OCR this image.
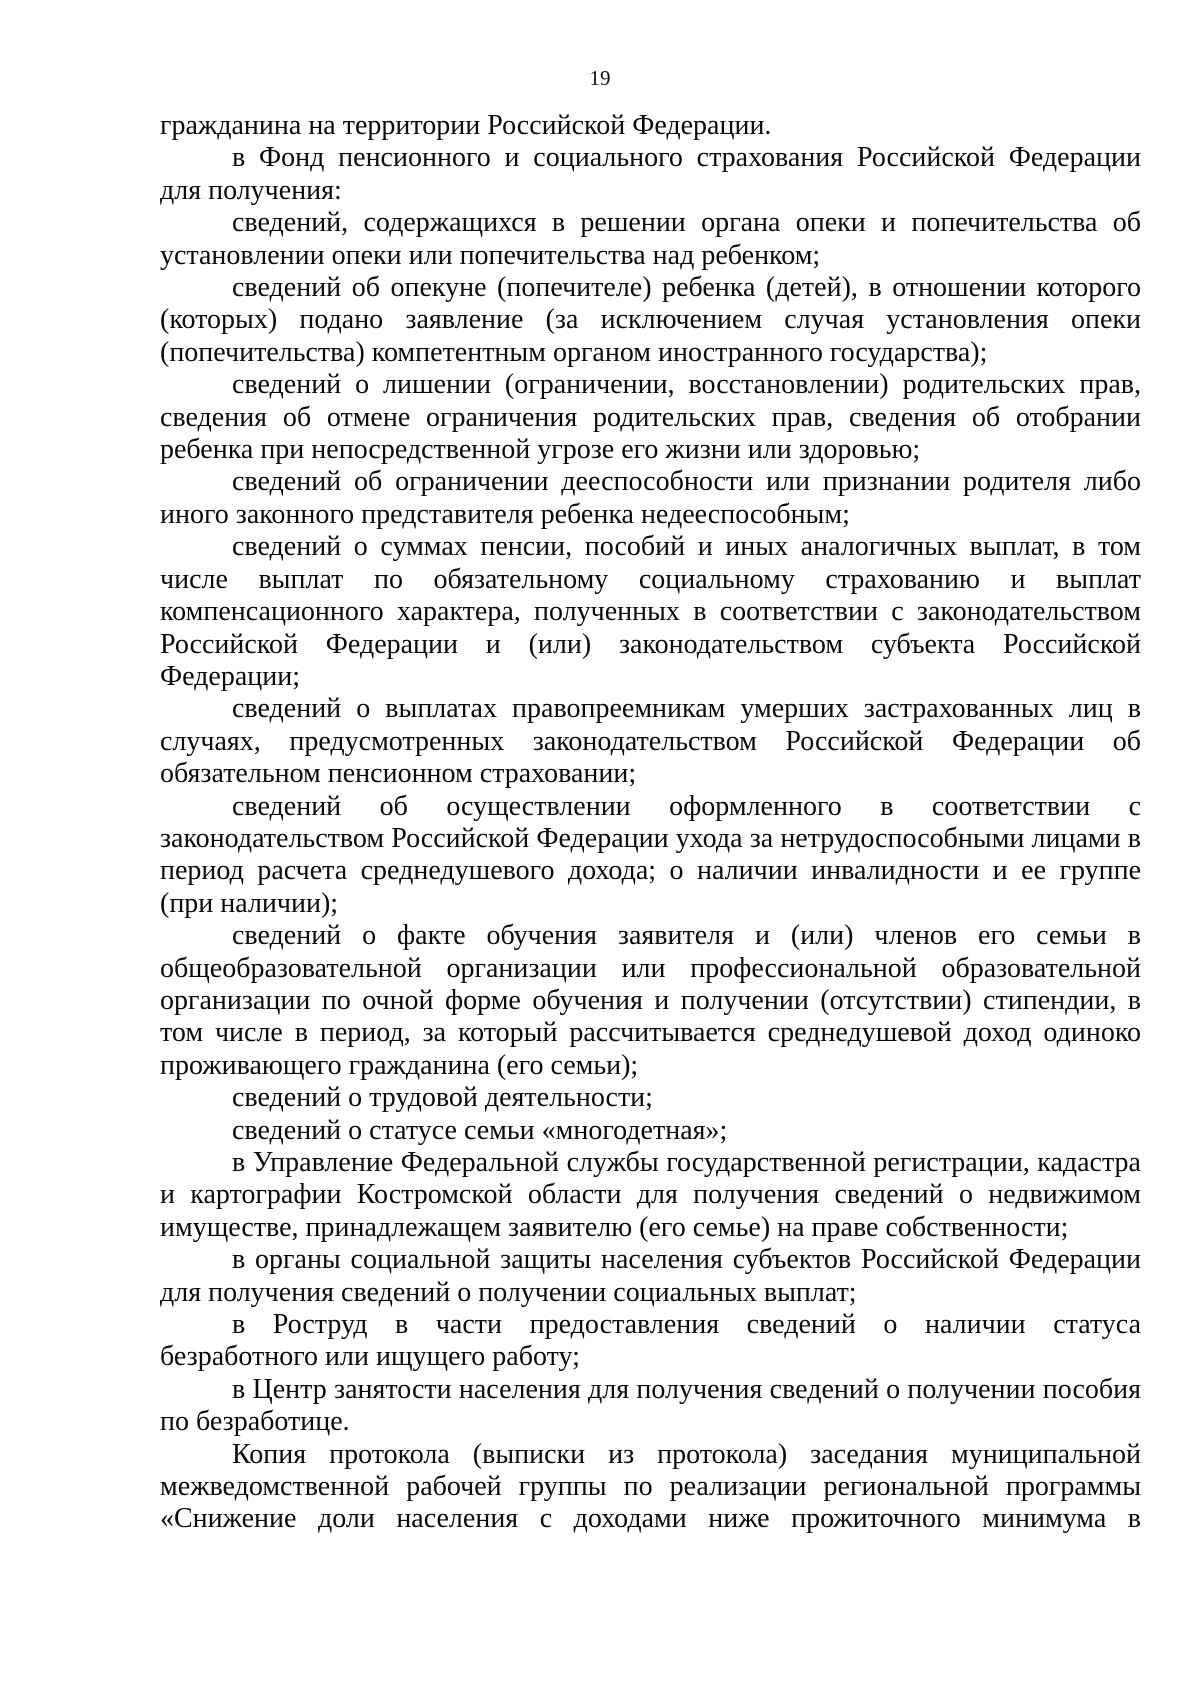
19

гражданина на территории Российской Федерации.

в Фонд пенсионного и социального страхования Российской Федерации для получения:

сведений, содержащихся в решении органа опеки и попечительства об установлении опеки или попечительства над ребенком;

сведений об опекуне (попечителе) ребенка (детей), в отношении которого (которых) подано заявление (за исключением случая установления опеки (попечительства) компетентным органом иностранного государства);

сведений о лишении (ограничении, восстановлении) родительских прав, сведения об отмене ограничения родительских прав, сведения об отобрании ребенка при непосредственной угрозе его жизни или здоровью;

сведений об ограничении дееспособности или признании родителя либо иного законного представителя ребенка недееспособным;

сведений о суммах пенсии, пособий и иных аналогичных выплат, в том числе выплат по обязательному социальному страхованию и выплат компенсационного характера, полученных в соответствии с законодательством Российской Федерации и (или) законодательством субъекта Российской Федерации;

сведений о выплатах правопреемникам умерших застрахованных лиц в случаях, предусмотренных законодательством Российской Федерации об обязательном пенсионном страховании;

сведений об осуществлении оформленного в соответствии с законодательством Российской Федерации ухода за нетрудоспособными лицами в период расчета среднедушевого дохода; о наличии инвалидности и ее группе (при наличии);

сведений о факте обучения заявителя и (или) членов его семьи в общеобразовательной организации или профессиональной образовательной организации по очной форме обучения и получении (отсутствии) стипендии, в том числе в период, за который рассчитывается среднедушевой доход одиноко проживающего гражданина (его семьи);

сведений о трудовой деятельности;

сведений о статусе семьи «многодетная»;

в Управление Федеральной службы государственной регистрации, кадастра и картографии Костромской области для получения сведений о недвижимом имуществе, принадлежащем заявителю (его семье) на праве собственности;

в органы социальной защиты населения субъектов Российской Федерации для получения сведений о получении социальных выплат;

в Роструд в части предоставления сведений о наличии статуса безработного или ищущего работу;

в Центр занятости населения для получения сведений о получении пособия по безработице.

Копия протокола (выписки из протокола) заседания муниципальной межведомственной рабочей группы по реализации региональной программы «Снижение доли населения с доходами ниже прожиточного минимума в
